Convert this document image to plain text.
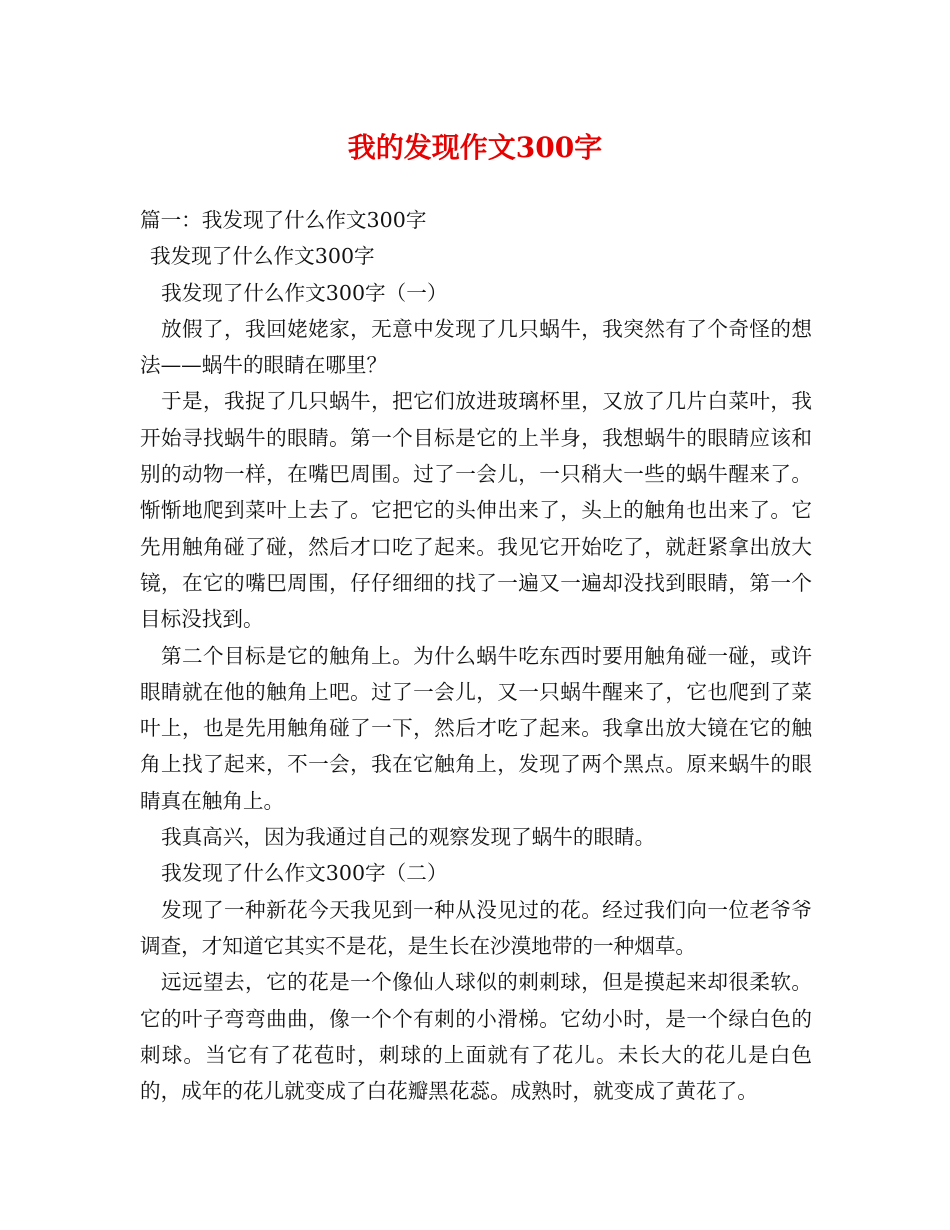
我的发现作文300字

篇一：我发现了什么作文300字

我发现了什么作文300字

我发现了什么作文300字（一）

放假了，我回姥姥家，无意中发现了几只蜗牛，我突然有了个奇怪的想法——蜗牛的眼睛在哪里？

于是，我捉了几只蜗牛，把它们放进玻璃杯里，又放了几片白菜叶，我开始寻找蜗牛的眼睛。第一个目标是它的上半身，我想蜗牛的眼睛应该和别的动物一样，在嘴巴周围。过了一会儿，一只稍大一些的蜗牛醒来了。惭惭地爬到菜叶上去了。它把它的头伸出来了，头上的触角也出来了。它先用触角碰了碰，然后才口吃了起来。我见它开始吃了，就赶紧拿出放大镜，在它的嘴巴周围，仔仔细细的找了一遍又一遍却没找到眼睛，第一个目标没找到。

第二个目标是它的触角上。为什么蜗牛吃东西时要用触角碰一碰，或许眼睛就在他的触角上吧。过了一会儿，又一只蜗牛醒来了，它也爬到了菜叶上，也是先用触角碰了一下，然后才吃了起来。我拿出放大镜在它的触角上找了起来，不一会，我在它触角上，发现了两个黑点。原来蜗牛的眼睛真在触角上。

我真高兴，因为我通过自己的观察发现了蜗牛的眼睛。

我发现了什么作文300字（二）

发现了一种新花今天我见到一种从没见过的花。经过我们向一位老爷爷调查，才知道它其实不是花，是生长在沙漠地带的一种烟草。

远远望去，它的花是一个像仙人球似的刺刺球，但是摸起来却很柔软。它的叶子弯弯曲曲，像一个个有刺的小滑梯。它幼小时，是一个绿白色的刺球。当它有了花苞时，刺球的上面就有了花儿。未长大的花儿是白色的，成年的花儿就变成了白花瓣黑花蕊。成熟时，就变成了黄花了。
